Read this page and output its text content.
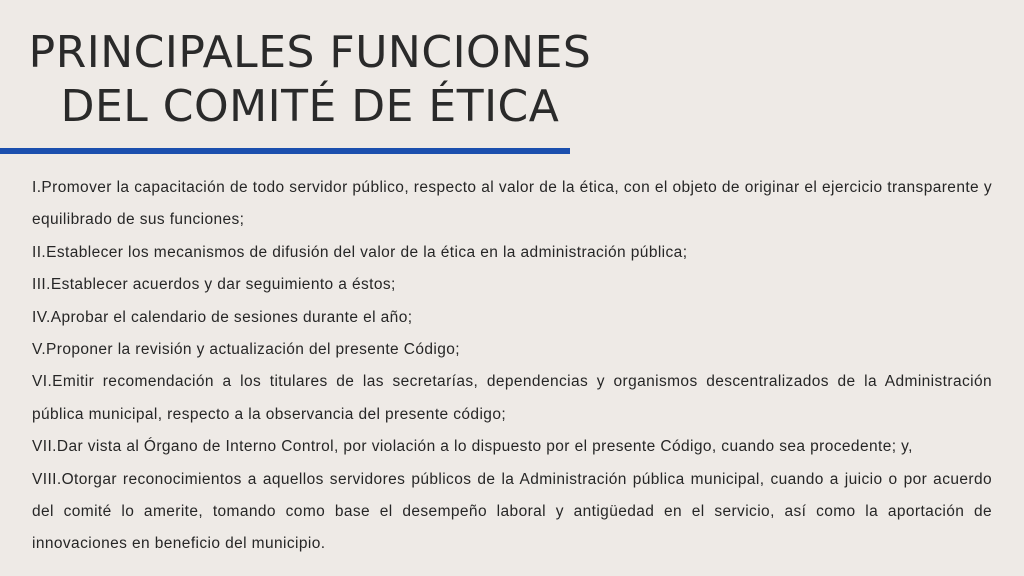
PRINCIPALES FUNCIONES
DEL COMITÉ DE ÉTICA
I.Promover la capacitación de todo servidor público, respecto al valor de la ética, con el objeto de originar el ejercicio transparente y equilibrado de sus funciones;
II.Establecer los mecanismos de difusión del valor de la ética en la administración pública;
III.Establecer acuerdos y dar seguimiento a éstos;
IV.Aprobar el calendario de sesiones durante el año;
V.Proponer la revisión y actualización del presente Código;
VI.Emitir recomendación a los titulares de las secretarías, dependencias y organismos descentralizados de la Administración pública municipal, respecto a la observancia del presente código;
VII.Dar vista al Órgano de Interno Control, por violación a lo dispuesto por el presente Código, cuando sea procedente; y,
VIII.Otorgar reconocimientos a aquellos servidores públicos de la Administración pública municipal, cuando a juicio o por acuerdo del comité lo amerite, tomando como base el desempeño laboral y antigüedad en el servicio, así como la aportación de innovaciones en beneficio del municipio.
